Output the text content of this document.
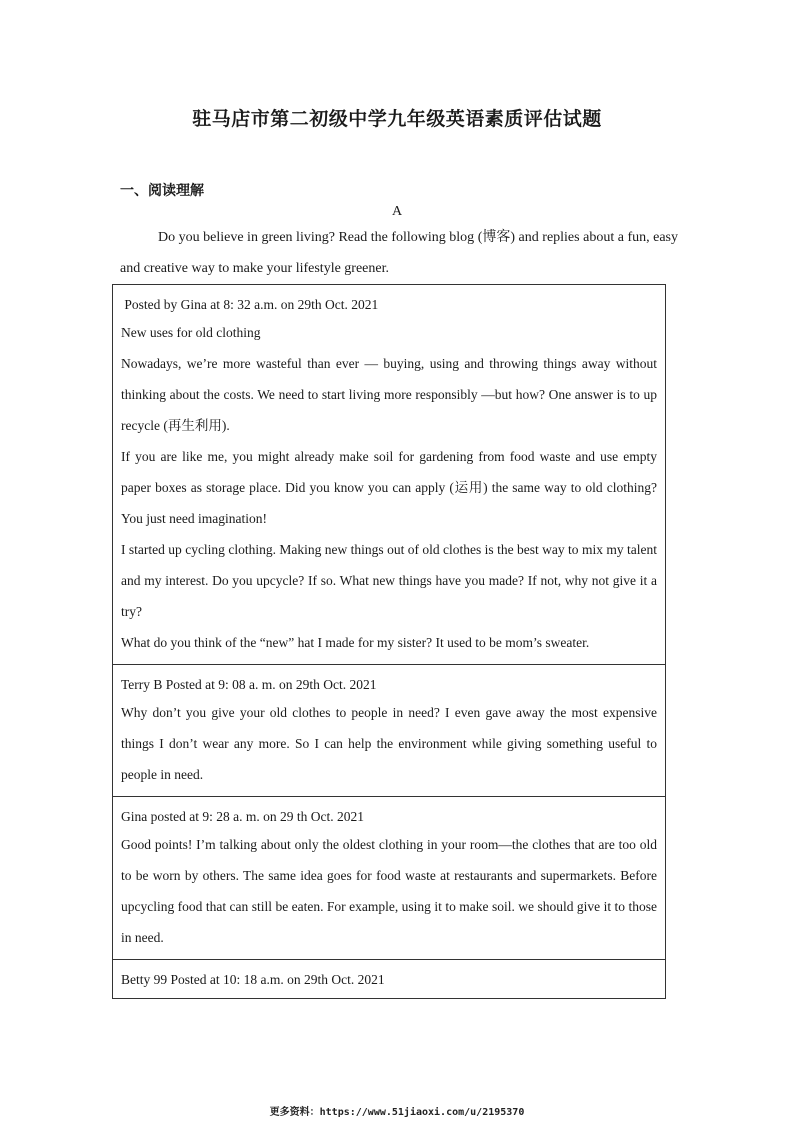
驻马店市第二初级中学九年级英语素质评估试题
一、阅读理解
A
Do you believe in green living? Read the following blog (博客) and replies about a fun, easy and creative way to make your lifestyle greener.
Posted by Gina at 8: 32 a.m. on 29th Oct. 2021
New uses for old clothing
Nowadays, we’re more wasteful than ever — buying, using and throwing things away without thinking about the costs. We need to start living more responsibly —but how? One answer is to up recycle (再生利用).
If you are like me, you might already make soil for gardening from food waste and use empty paper boxes as storage place. Did you know you can apply (运用) the same way to old clothing? You just need imagination!
I started up cycling clothing. Making new things out of old clothes is the best way to mix my talent and my interest. Do you upcycle? If so. What new things have you made? If not, why not give it a try?
What do you think of the “new” hat I made for my sister? It used to be mom’s sweater.
Terry B Posted at 9: 08 a. m. on 29th Oct. 2021
Why don’t you give your old clothes to people in need? I even gave away the most expensive things I don’t wear any more. So I can help the environment while giving something useful to people in need.
Gina posted at 9: 28 a. m. on 29 th Oct. 2021
Good points! I’m talking about only the oldest clothing in your room—the clothes that are too old to be worn by others. The same idea goes for food waste at restaurants and supermarkets. Before upcycling food that can still be eaten. For example, using it to make soil. we should give it to those in need.
Betty 99 Posted at 10: 18 a.m. on 29th Oct. 2021
更多资料：https://www.51jiaoxi.com/u/2195370
